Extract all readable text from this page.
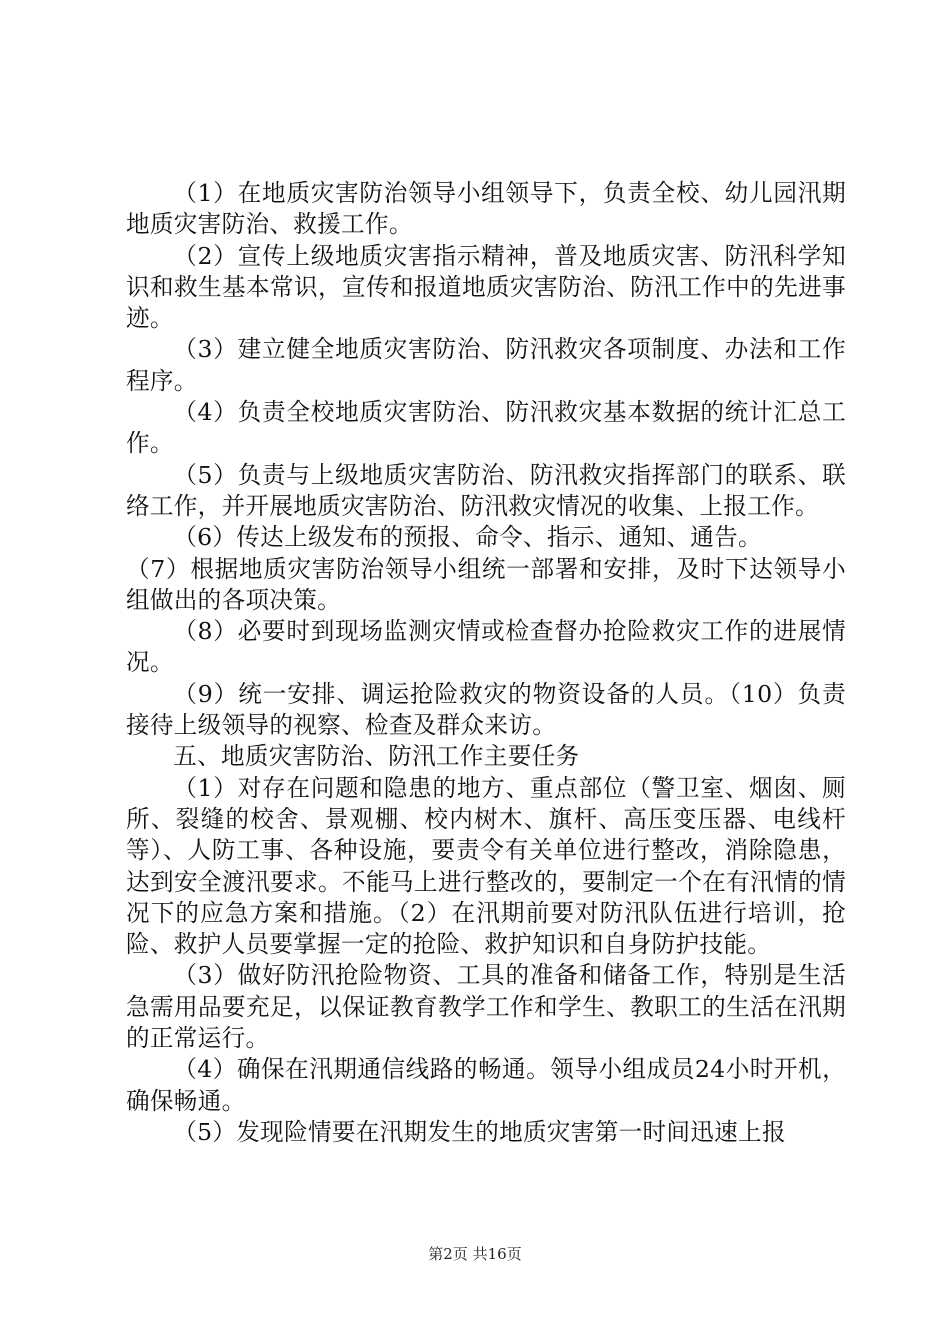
（1）在地质灾害防治领导小组领导下，负责全校、幼儿园汛期地质灾害防治、救援工作。

（2）宣传上级地质灾害指示精神，普及地质灾害、防汛科学知识和救生基本常识，宣传和报道地质灾害防治、防汛工作中的先进事迹。

（3）建立健全地质灾害防治、防汛救灾各项制度、办法和工作程序。

（4）负责全校地质灾害防治、防汛救灾基本数据的统计汇总工作。

（5）负责与上级地质灾害防治、防汛救灾指挥部门的联系、联络工作，并开展地质灾害防治、防汛救灾情况的收集、上报工作。

（6）传达上级发布的预报、命令、指示、通知、通告。

（7）根据地质灾害防治领导小组统一部署和安排，及时下达领导小组做出的各项决策。

（8）必要时到现场监测灾情或检查督办抢险救灾工作的进展情况。

（9）统一安排、调运抢险救灾的物资设备的人员。（10）负责接待上级领导的视察、检查及群众来访。

五、地质灾害防治、防汛工作主要任务

（1）对存在问题和隐患的地方、重点部位（警卫室、烟囱、厕所、裂缝的校舍、景观棚、校内树木、旗杆、高压变压器、电线杆等）、人防工事、各种设施，要责令有关单位进行整改，消除隐患，达到安全渡汛要求。不能马上进行整改的，要制定一个在有汛情的情况下的应急方案和措施。（2）在汛期前要对防汛队伍进行培训，抢险、救护人员要掌握一定的抢险、救护知识和自身防护技能。

（3）做好防汛抢险物资、工具的准备和储备工作，特别是生活急需用品要充足，以保证教育教学工作和学生、教职工的生活在汛期的正常运行。

（4）确保在汛期通信线路的畅通。领导小组成员24小时开机，确保畅通。

（5）发现险情要在汛期发生的地质灾害第一时间迅速上报

第2页 共16页
